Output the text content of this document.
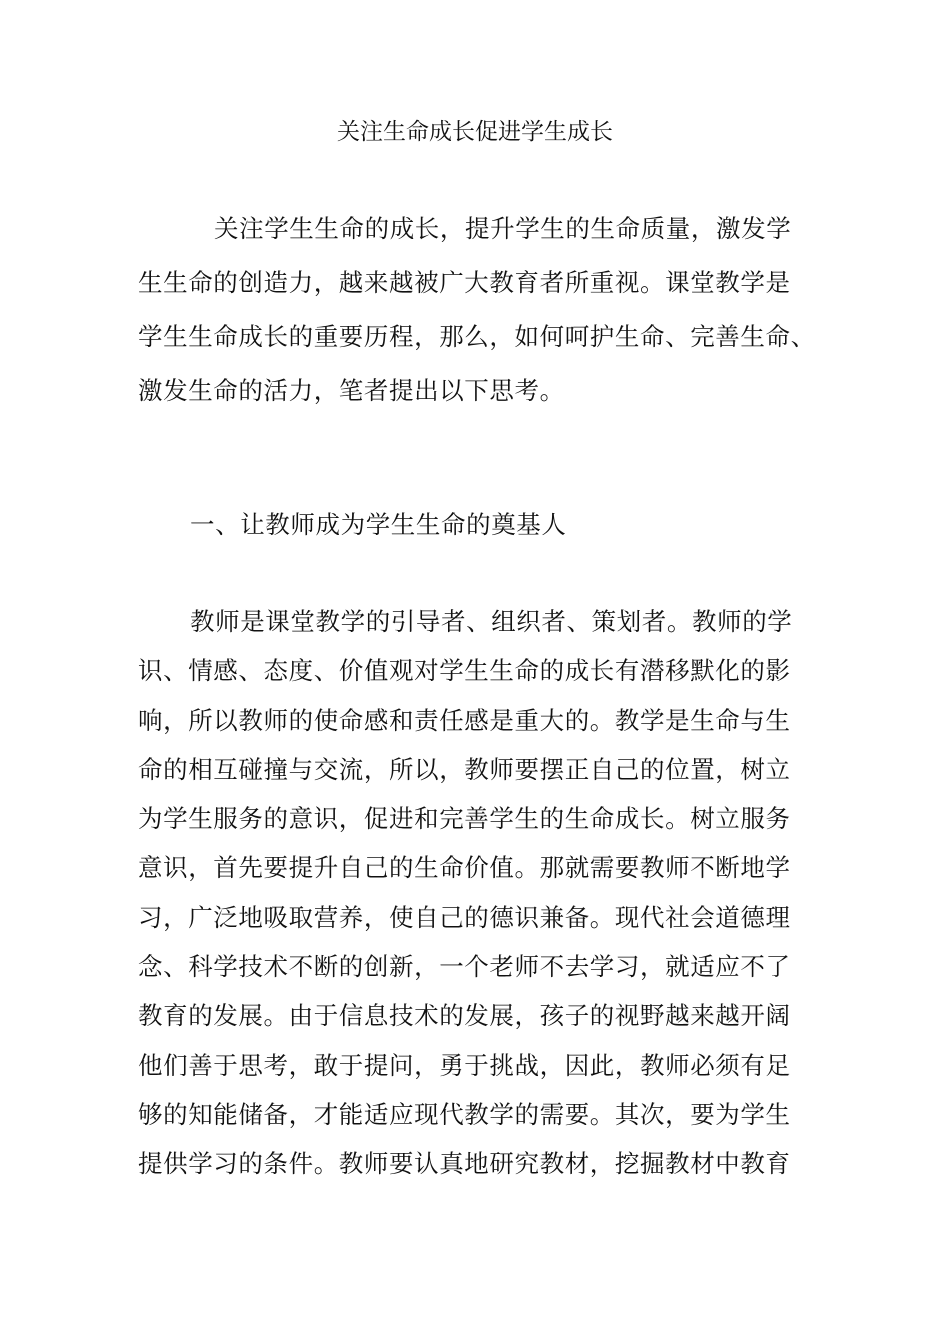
关注生命成长促进学生成长
关注学生生命的成长，提升学生的生命质量，激发学
生生命的创造力，越来越被广大教育者所重视。课堂教学是
学生生命成长的重要历程，那么，如何呵护生命、完善生命、
激发生命的活力，笔者提出以下思考。
一、让教师成为学生生命的奠基人
教师是课堂教学的引导者、组织者、策划者。教师的学
识、情感、态度、价值观对学生生命的成长有潜移默化的影
响，所以教师的使命感和责任感是重大的。教学是生命与生
命的相互碰撞与交流，所以，教师要摆正自己的位置，树立
为学生服务的意识，促进和完善学生的生命成长。树立服务
意识，首先要提升自己的生命价值。那就需要教师不断地学
习，广泛地吸取营养，使自己的德识兼备。现代社会道德理
念、科学技术不断的创新，一个老师不去学习，就适应不了
教育的发展。由于信息技术的发展，孩子的视野越来越开阔
他们善于思考，敢于提问，勇于挑战，因此，教师必须有足
够的知能储备，才能适应现代教学的需要。其次，要为学生
提供学习的条件。教师要认真地研究教材，挖掘教材中教育
